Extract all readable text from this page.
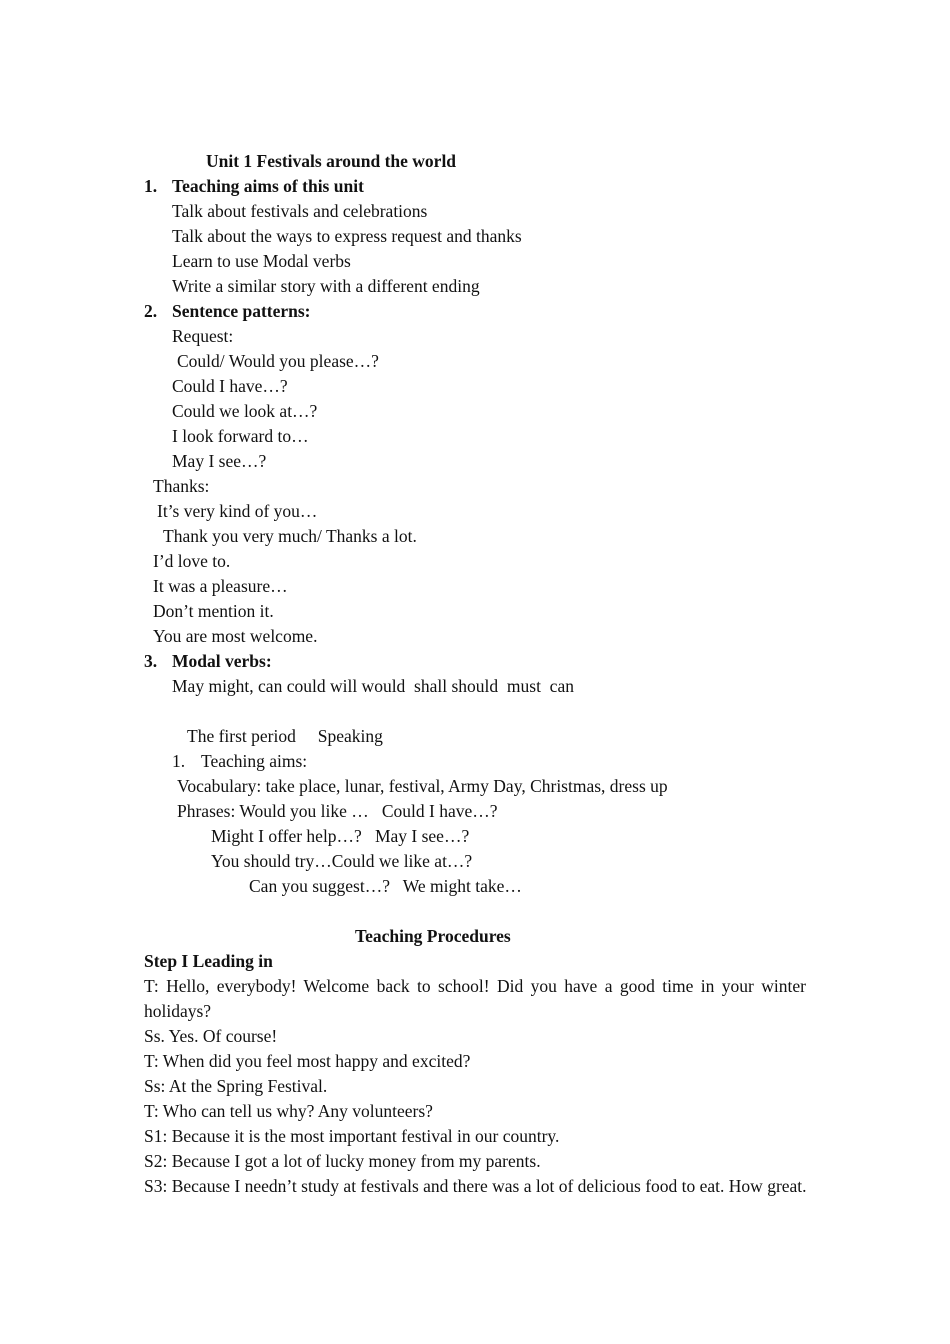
Unit 1 Festivals around the world
1. Teaching aims of this unit
Talk about festivals and celebrations
Talk about the ways to express request and thanks
Learn to use Modal verbs
Write a similar story with a different ending
2. Sentence patterns:
Request:
Could/ Would you please…?
Could I have…?
Could we look at…?
I look forward to…
May I see…?
Thanks:
It’s very kind of you…
Thank you very much/ Thanks a lot.
I’d love to.
It was a pleasure…
Don’t mention it.
You are most welcome.
3. Modal verbs:
May might, can could will would  shall should  must  can
The first period     Speaking
1. Teaching aims:
Vocabulary: take place, lunar, festival, Army Day, Christmas, dress up
Phrases: Would you like …   Could I have…?
Might I offer help…?   May I see…?
You should try…Could we like at…?
Can you suggest…?   We might take…
Teaching Procedures
Step I Leading in
T: Hello, everybody! Welcome back to school! Did you have a good time in your winter holidays?
Ss. Yes. Of course!
T: When did you feel most happy and excited?
Ss: At the Spring Festival.
T: Who can tell us why? Any volunteers?
S1: Because it is the most important festival in our country.
S2: Because I got a lot of lucky money from my parents.
S3: Because I needn’t study at festivals and there was a lot of delicious food to eat. How great.
